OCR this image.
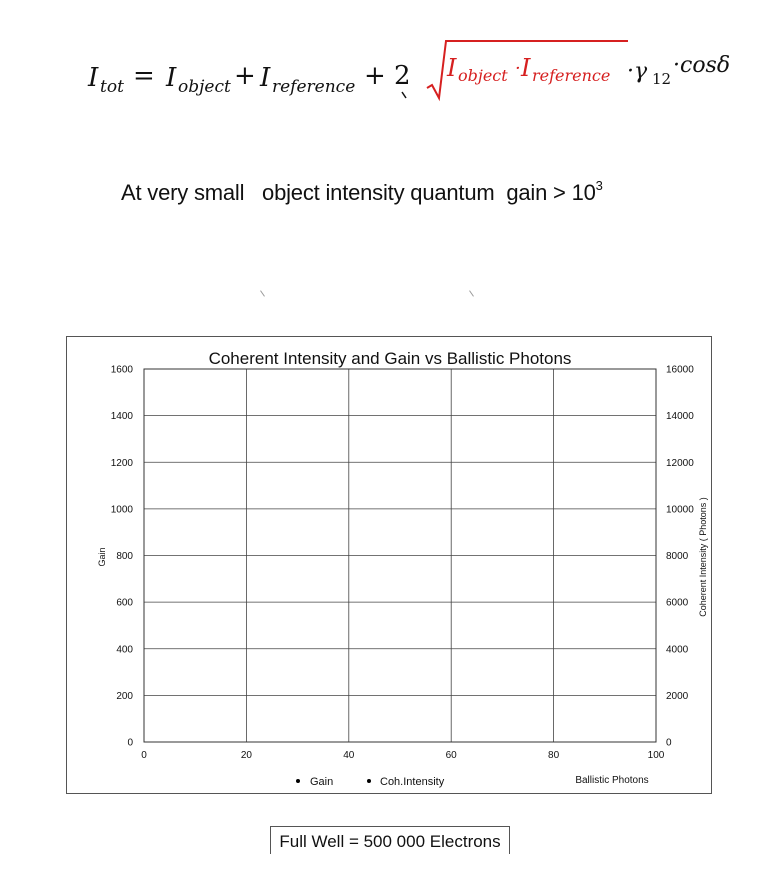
I tot = I object + I reference + 2 I object · I reference ·γ 12
·cosδ
At very small   object intensity quantum  gain > $10^3$
0
200
400
600
800
1000
1200
1400
1600
0
2000
4000
6000
8000
10000
12000
14000
16000
0	20	40	60	80	100
Coherent Intensity and Gain vs Ballistic Photons
Gain	Coherent Intensity ( Photons )
Ballistic Photons
Gain	Coh.Intensity
Full Well = 500 000 Electrons
